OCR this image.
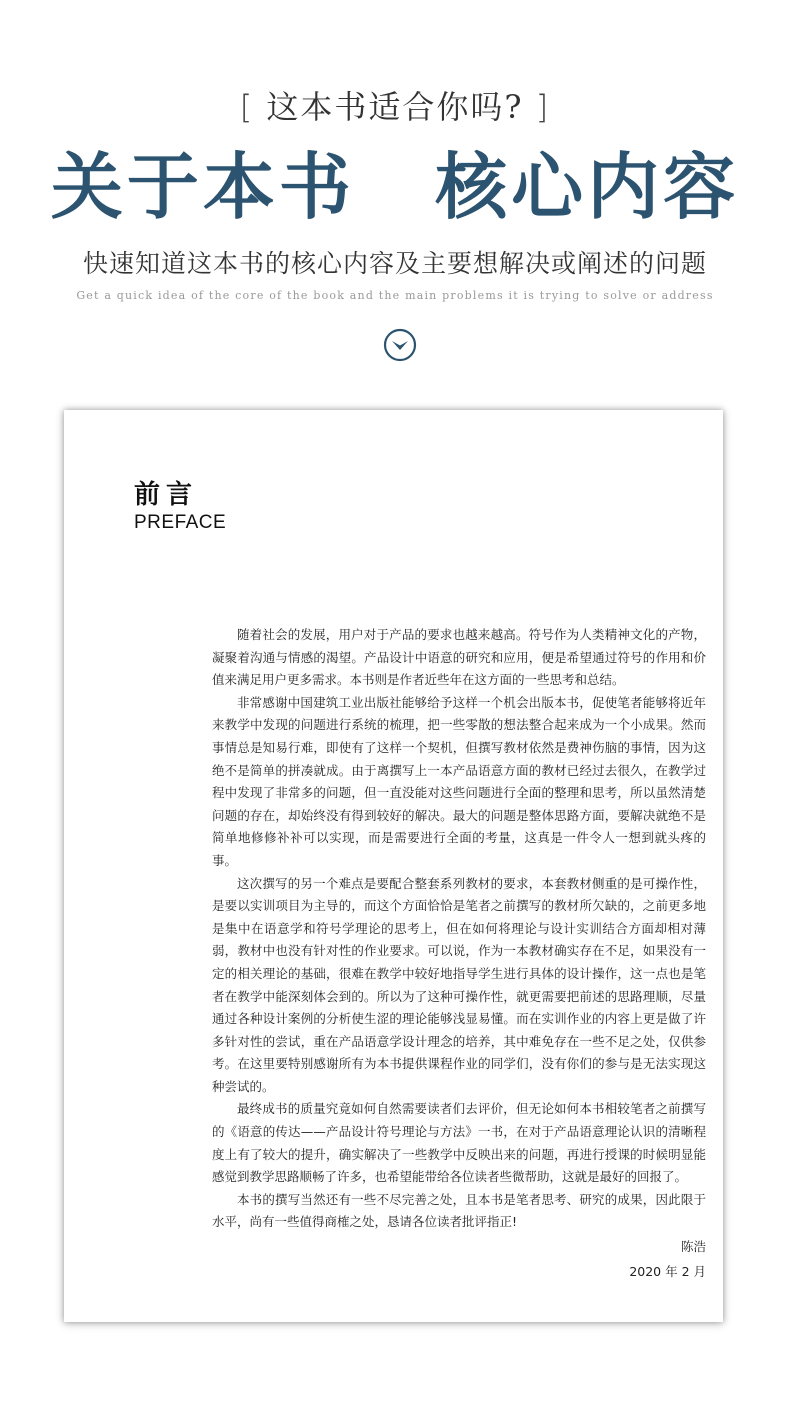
[ 这本书适合你吗? ]
关于本书 核心内容
快速知道这本书的核心内容及主要想解决或阐述的问题
Get a quick idea of the core of the book and the main problems it is trying to solve or address
前言
PREFACE

随着社会的发展，用户对于产品的要求也越来越高。符号作为人类精神文化的产物，凝聚着沟通与情感的渴望。产品设计中语意的研究和应用，便是希望通过符号的作用和价值来满足用户更多需求。本书则是作者近些年在这方面的一些思考和总结。

非常感谢中国建筑工业出版社能够给予这样一个机会出版本书，促使笔者能够将近年来教学中发现的问题进行系统的梳理，把一些零散的想法整合起来成为一个小成果。然而事情总是知易行难，即使有了这样一个契机，但撰写教材依然是费神伤脑的事情，因为这绝不是简单的拼凑就成。由于离撰写上一本产品语意方面的教材已经过去很久，在教学过程中发现了非常多的问题，但一直没能对这些问题进行全面的整理和思考，所以虽然清楚问题的存在，却始终没有得到较好的解决。最大的问题是整体思路方面，要解决就绝不是简单地修修补补可以实现，而是需要进行全面的考量，这真是一件令人一想到就头疼的事。

这次撰写的另一个难点是要配合整套系列教材的要求，本套教材侧重的是可操作性，是要以实训项目为主导的，而这个方面恰恰是笔者之前撰写的教材所欠缺的，之前更多地是集中在语意学和符号学理论的思考上，但在如何将理论与设计实训结合方面却相对薄弱，教材中也没有针对性的作业要求。可以说，作为一本教材确实存在不足，如果没有一定的相关理论的基础，很难在教学中较好地指导学生进行具体的设计操作，这一点也是笔者在教学中能深刻体会到的。所以为了这种可操作性，就更需要把前述的思路理顺，尽量通过各种设计案例的分析使生涩的理论能够浅显易懂。而在实训作业的内容上更是做了许多针对性的尝试，重在产品语意学设计理念的培养，其中难免存在一些不足之处，仅供参考。在这里要特别感谢所有为本书提供课程作业的同学们，没有你们的参与是无法实现这种尝试的。

最终成书的质量究竟如何自然需要读者们去评价，但无论如何本书相较笔者之前撰写的《语意的传达——产品设计符号理论与方法》一书，在对于产品语意理论认识的清晰程度上有了较大的提升，确实解决了一些教学中反映出来的问题，再进行授课的时候明显能感觉到教学思路顺畅了许多，也希望能带给各位读者些微帮助，这就是最好的回报了。

本书的撰写当然还有一些不尽完善之处，且本书是笔者思考、研究的成果，因此限于水平，尚有一些值得商榷之处，恳请各位读者批评指正!

陈浩
2020 年 2 月
